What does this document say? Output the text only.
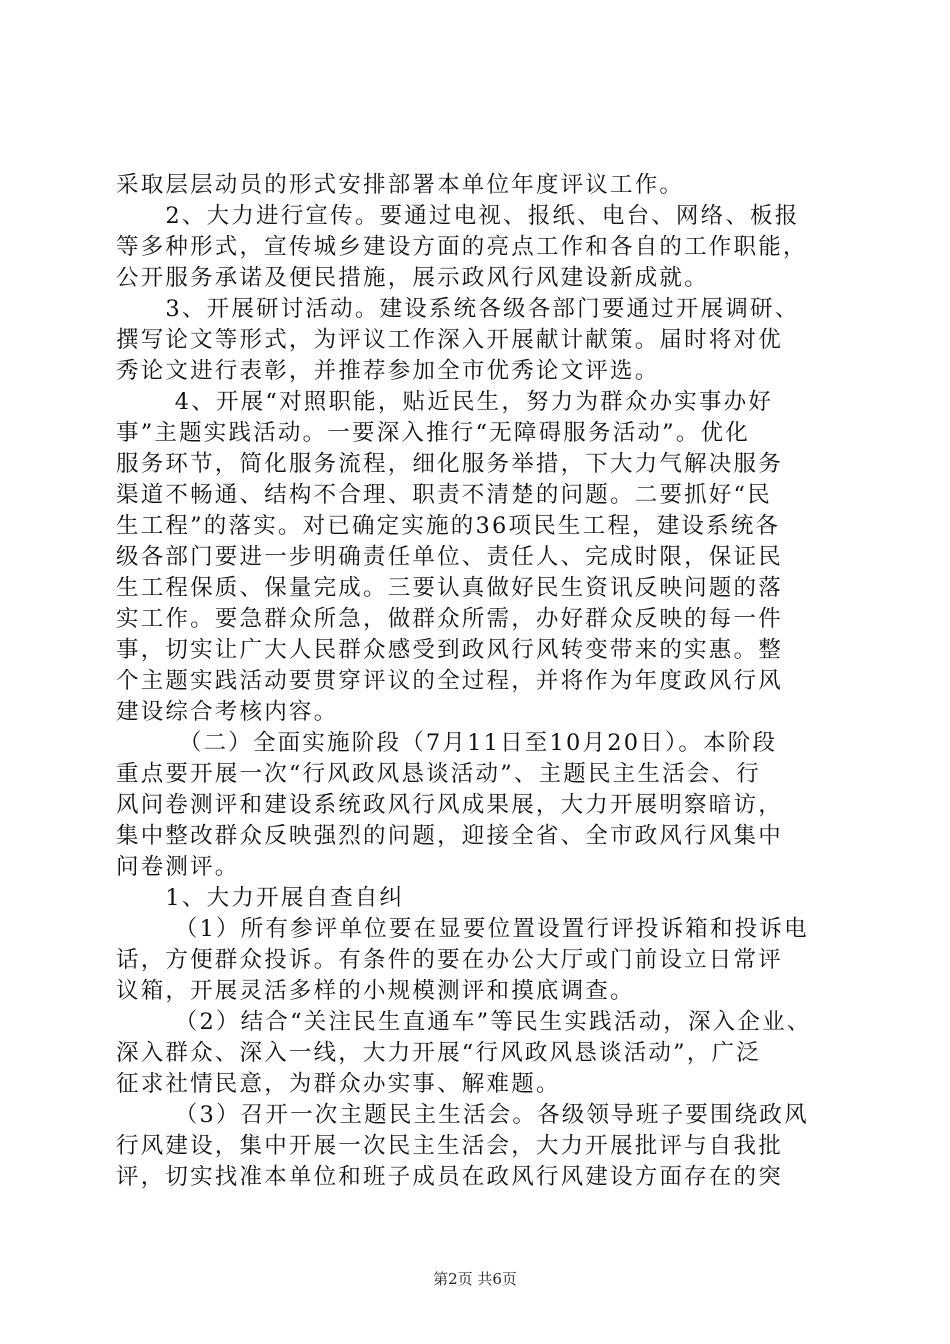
采取层层动员的形式安排部署本单位年度评议工作。
　　2、大力进行宣传。要通过电视、报纸、电台、网络、板报
等多种形式，宣传城乡建设方面的亮点工作和各自的工作职能，
公开服务承诺及便民措施，展示政风行风建设新成就。
　　3、开展研讨活动。建设系统各级各部门要通过开展调研、
撰写论文等形式，为评议工作深入开展献计献策。届时将对优
秀论文进行表彰，并推荐参加全市优秀论文评选。
　　 4、开展“对照职能，贴近民生，努力为群众办实事办好
事”主题实践活动。一要深入推行“无障碍服务活动”。优化
服务环节，简化服务流程，细化服务举措，下大力气解决服务
渠道不畅通、结构不合理、职责不清楚的问题。二要抓好“民
生工程”的落实。对已确定实施的36项民生工程，建设系统各
级各部门要进一步明确责任单位、责任人、完成时限，保证民
生工程保质、保量完成。三要认真做好民生资讯反映问题的落
实工作。要急群众所急，做群众所需，办好群众反映的每一件
事，切实让广大人民群众感受到政风行风转变带来的实惠。整
个主题实践活动要贯穿评议的全过程，并将作为年度政风行风
建设综合考核内容。
　　　（二）全面实施阶段（7月11日至10月20日）。本阶段
重点要开展一次“行风政风恳谈活动”、主题民主生活会、行
风问卷测评和建设系统政风行风成果展，大力开展明察暗访，
集中整改群众反映强烈的问题，迎接全省、全市政风行风集中
问卷测评。
　　1、大力开展自查自纠
　　 （1）所有参评单位要在显要位置设置行评投诉箱和投诉电
话，方便群众投诉。有条件的要在办公大厅或门前设立日常评
议箱，开展灵活多样的小规模测评和摸底调查。
　　 （2）结合“关注民生直通车”等民生实践活动，深入企业、
深入群众、深入一线，大力开展“行风政风恳谈活动”，广泛
征求社情民意，为群众办实事、解难题。
　　 （3）召开一次主题民主生活会。各级领导班子要围绕政风
行风建设，集中开展一次民主生活会，大力开展批评与自我批
评，切实找准本单位和班子成员在政风行风建设方面存在的突
第2页 共6页
